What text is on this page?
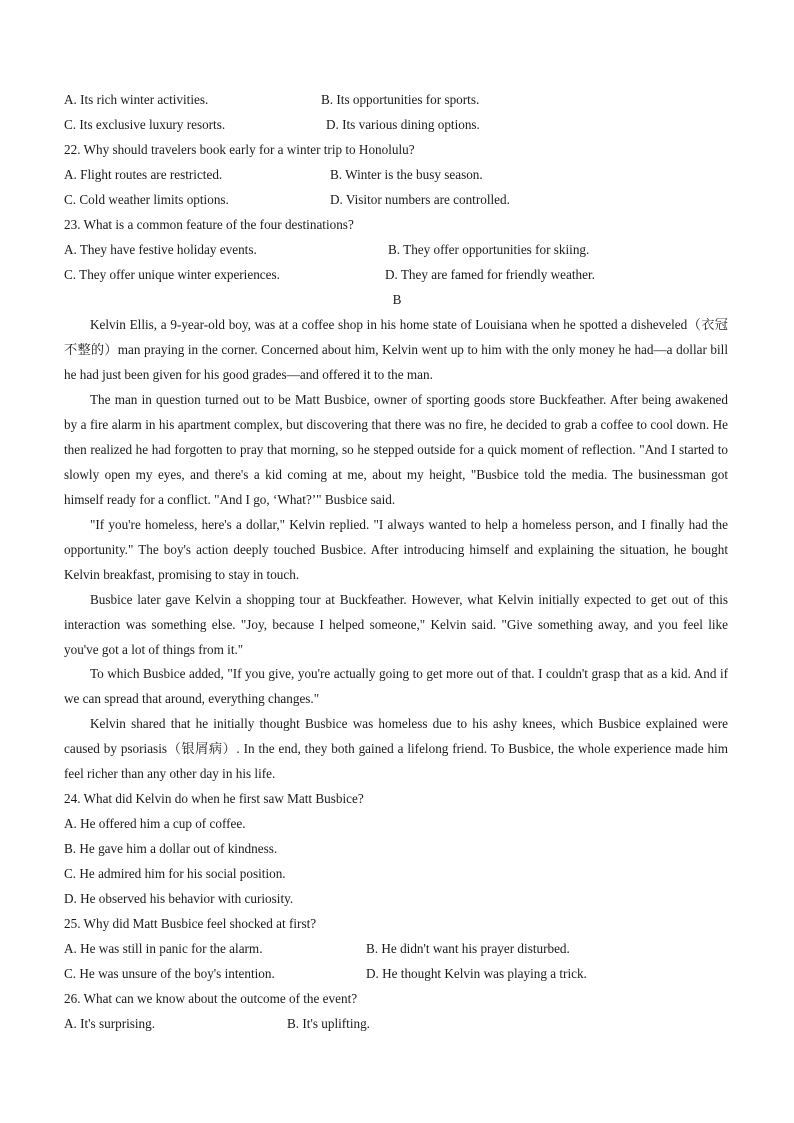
A. Its rich winter activities.	B. Its opportunities for sports.
C. Its exclusive luxury resorts.	D. Its various dining options.
22. Why should travelers book early for a winter trip to Honolulu?
A. Flight routes are restricted.	B. Winter is the busy season.
C. Cold weather limits options.	D. Visitor numbers are controlled.
23. What is a common feature of the four destinations?
A. They have festive holiday events.	B. They offer opportunities for skiing.
C. They offer unique winter experiences.	D. They are famed for friendly weather.
B
Kelvin Ellis, a 9-year-old boy, was at a coffee shop in his home state of Louisiana when he spotted a disheveled（衣冠不整的）man praying in the corner. Concerned about him, Kelvin went up to him with the only money he had—a dollar bill he had just been given for his good grades—and offered it to the man.
The man in question turned out to be Matt Busbice, owner of sporting goods store Buckfeather. After being awakened by a fire alarm in his apartment complex, but discovering that there was no fire, he decided to grab a coffee to cool down. He then realized he had forgotten to pray that morning, so he stepped outside for a quick moment of reflection. "And I started to slowly open my eyes, and there's a kid coming at me, about my height, "Busbice told the media. The businessman got himself ready for a conflict. "And I go, ‘What?’" Busbice said.
"If you're homeless, here's a dollar," Kelvin replied. "I always wanted to help a homeless person, and I finally had the opportunity." The boy's action deeply touched Busbice. After introducing himself and explaining the situation, he bought Kelvin breakfast, promising to stay in touch.
Busbice later gave Kelvin a shopping tour at Buckfeather. However, what Kelvin initially expected to get out of this interaction was something else. "Joy, because I helped someone," Kelvin said. "Give something away, and you feel like you've got a lot of things from it."
To which Busbice added, "If you give, you're actually going to get more out of that. I couldn't grasp that as a kid. And if we can spread that around, everything changes."
Kelvin shared that he initially thought Busbice was homeless due to his ashy knees, which Busbice explained were caused by psoriasis（银屑病）. In the end, they both gained a lifelong friend. To Busbice, the whole experience made him feel richer than any other day in his life.
24. What did Kelvin do when he first saw Matt Busbice?
A. He offered him a cup of coffee.
B. He gave him a dollar out of kindness.
C. He admired him for his social position.
D. He observed his behavior with curiosity.
25. Why did Matt Busbice feel shocked at first?
A. He was still in panic for the alarm.	B. He didn't want his prayer disturbed.
C. He was unsure of the boy's intention.	D. He thought Kelvin was playing a trick.
26. What can we know about the outcome of the event?
A. It's surprising.	B. It's uplifting.
